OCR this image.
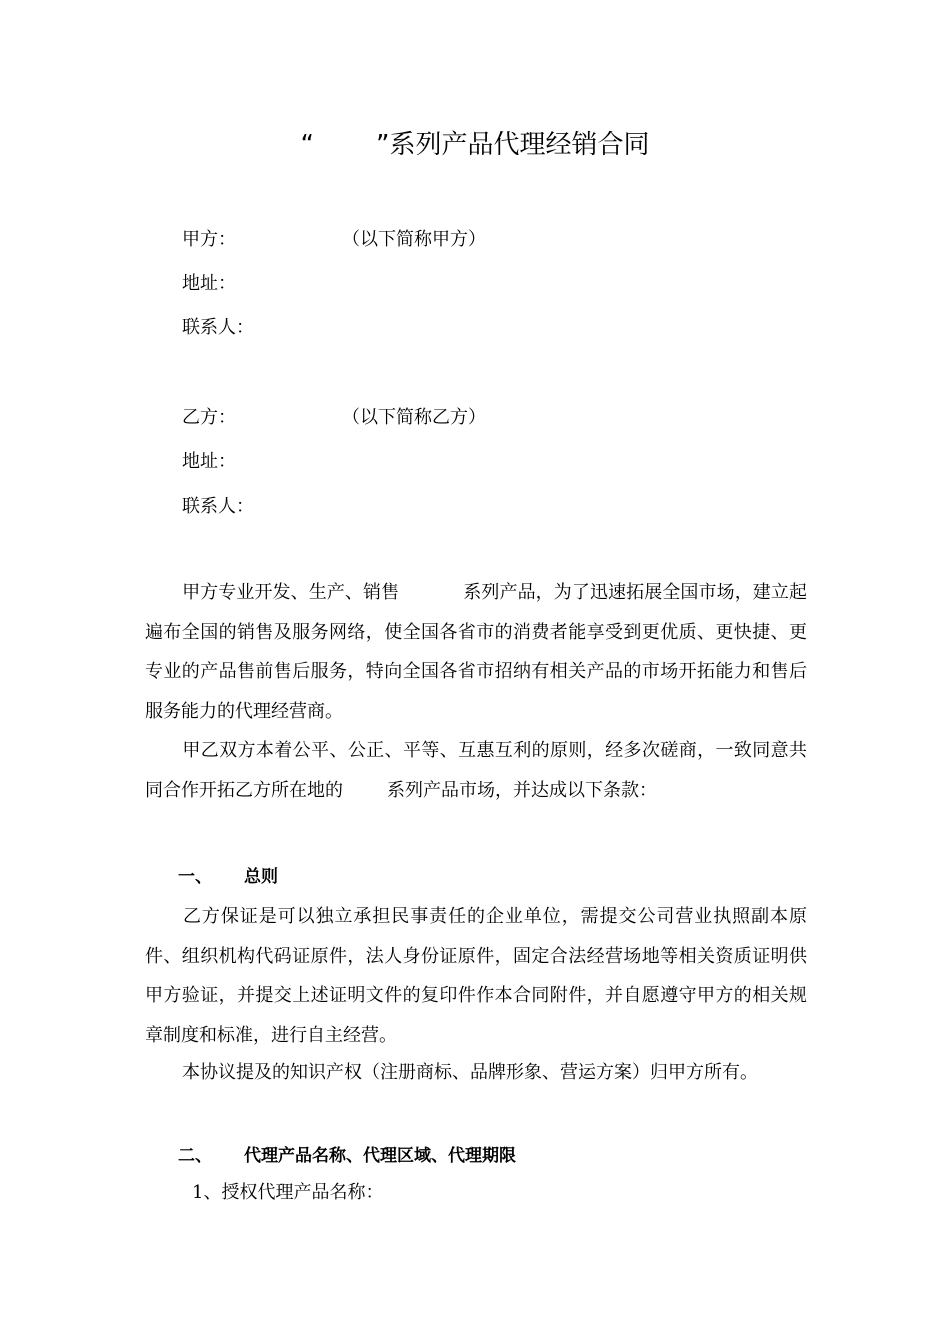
“ ”系列产品代理经销合同
甲方：	（以下简称甲方）
地址：
联系人：
乙方：	（以下简称乙方）
地址：
联系人：

甲方专业开发、生产、销售	系列产品，为了迅速拓展全国市场，建立起遍布全国的销售及服务网络，使全国各省市的消费者能享受到更优质、更快捷、更专业的产品售前售后服务，特向全国各省市招纳有相关产品的市场开拓能力和售后服务能力的代理经营商。

甲乙双方本着公平、公正、平等、互惠互利的原则，经多次磋商，一致同意共同合作开拓乙方所在地的 系列产品市场，并达成以下条款：

一、 总则

乙方保证是可以独立承担民事责任的企业单位，需提交公司营业执照副本原件、组织机构代码证原件，法人身份证原件，固定合法经营场地等相关资质证明供甲方验证，并提交上述证明文件的复印件作本合同附件，并自愿遵守甲方的相关规章制度和标准，进行自主经营。

本协议提及的知识产权（注册商标、品牌形象、营运方案）归甲方所有。

二、 代理产品名称、代理区域、代理期限
1、授权代理产品名称：
